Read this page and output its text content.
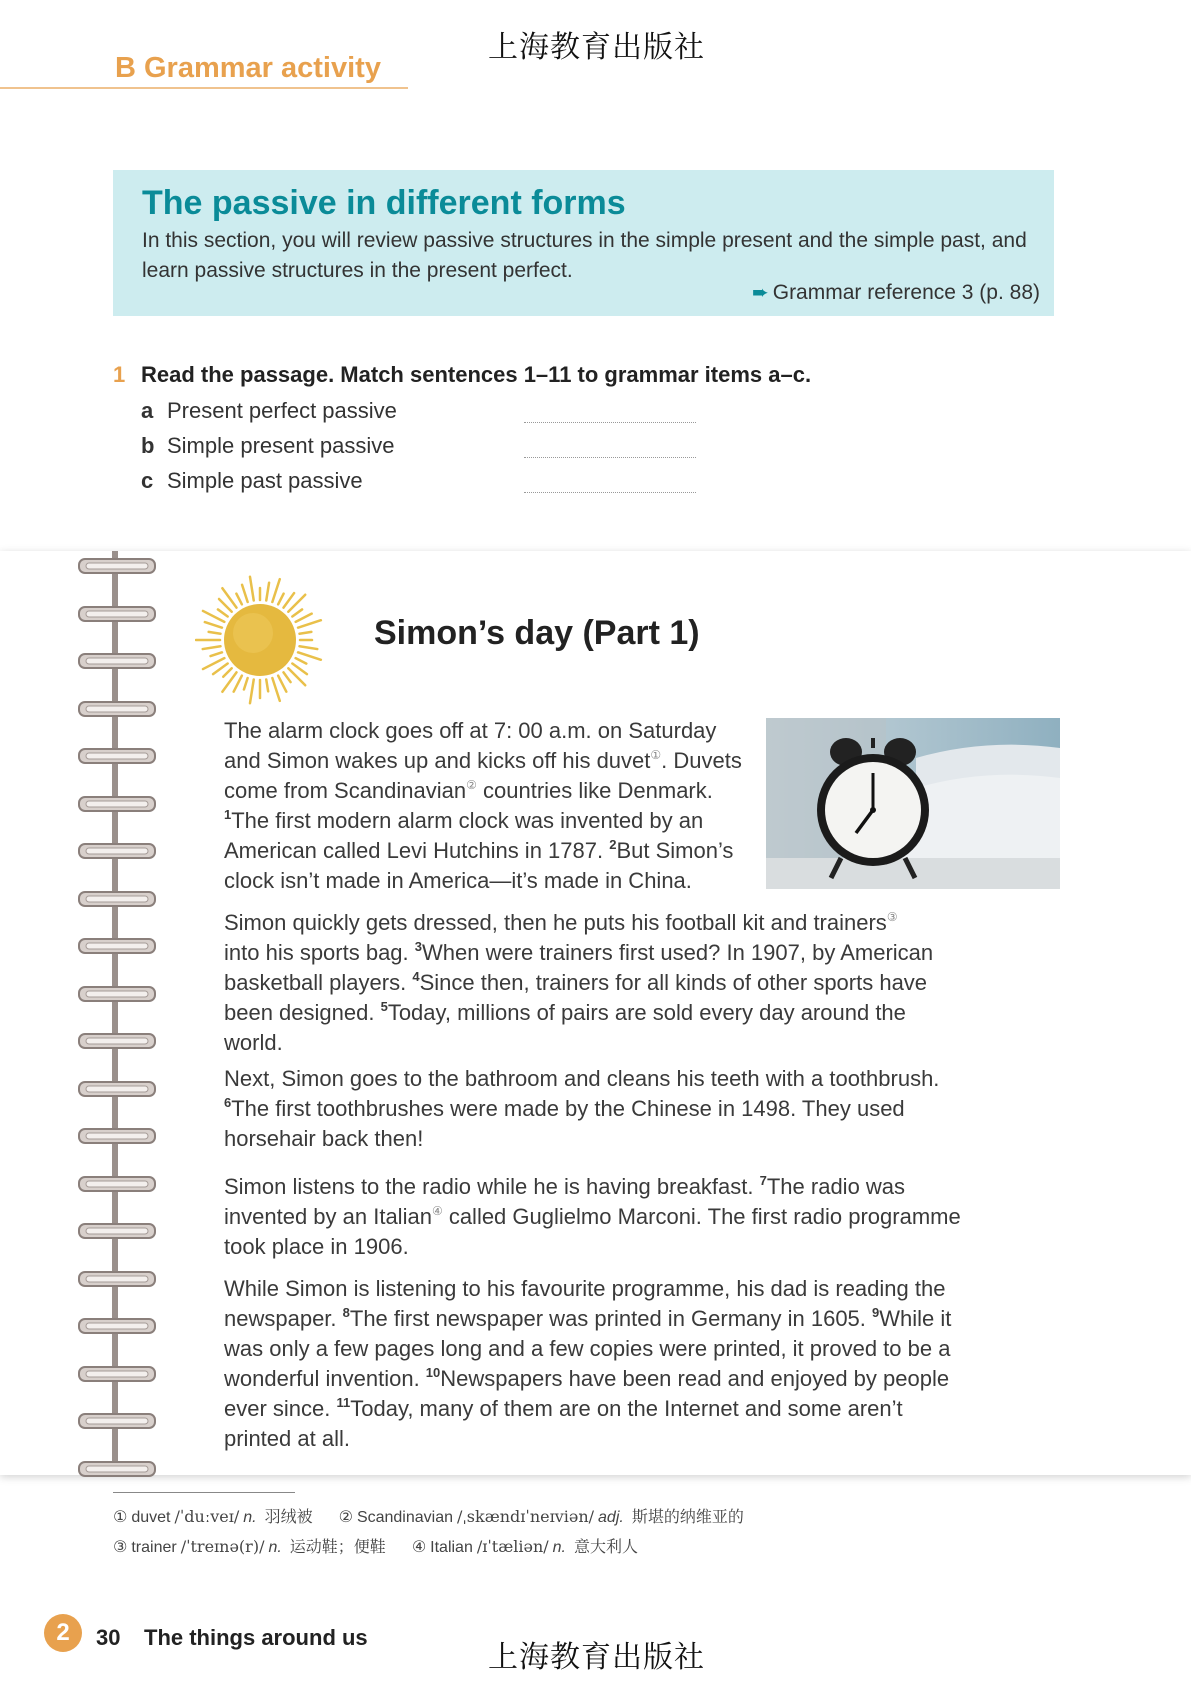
上海教育出版社
B Grammar activity
The passive in different forms
In this section, you will review passive structures in the simple present and the simple past, and learn passive structures in the present perfect.
➨ Grammar reference 3 (p. 88)
1 Read the passage. Match sentences 1–11 to grammar items a–c.
a Present perfect passive
b Simple present passive
c Simple past passive
Simon’s day (Part 1)
The alarm clock goes off at 7: 00 a.m. on Saturday
and Simon wakes up and kicks off his duvet①. Duvets
come from Scandinavian② countries like Denmark.
$^1$The first modern alarm clock was invented by an
American called Levi Hutchins in 1787. $^2$But Simon’s
clock isn’t made in America—it’s made in China.
Simon quickly gets dressed, then he puts his football kit and trainers③
into his sports bag. $^3$When were trainers first used? In 1907, by American
basketball players. $^4$Since then, trainers for all kinds of other sports have
been designed. $^5$Today, millions of pairs are sold every day around the
world.
Next, Simon goes to the bathroom and cleans his teeth with a toothbrush.
$^6$The first toothbrushes were made by the Chinese in 1498. They used
horsehair back then!
Simon listens to the radio while he is having breakfast. $^7$The radio was
invented by an Italian④ called Guglielmo Marconi. The first radio programme
took place in 1906.
While Simon is listening to his favourite programme, his dad is reading the
newspaper. $^8$The first newspaper was printed in Germany in 1605. $^9$While it
was only a few pages long and a few copies were printed, it proved to be a
wonderful invention. $^{10}$Newspapers have been read and enjoyed by people
ever since. $^{11}$Today, many of them are on the Internet and some aren’t
printed at all.
① duvet /ˈduːveɪ/ n. 羽绒被 ② Scandinavian /ˌskændɪˈneɪviən/ adj. 斯堪的纳维亚的
③ trainer /ˈtreɪnə(r)/ n. 运动鞋；便鞋 ④ Italian /ɪˈtæliən/ n. 意大利人
2	30 The things around us
上海教育出版社
